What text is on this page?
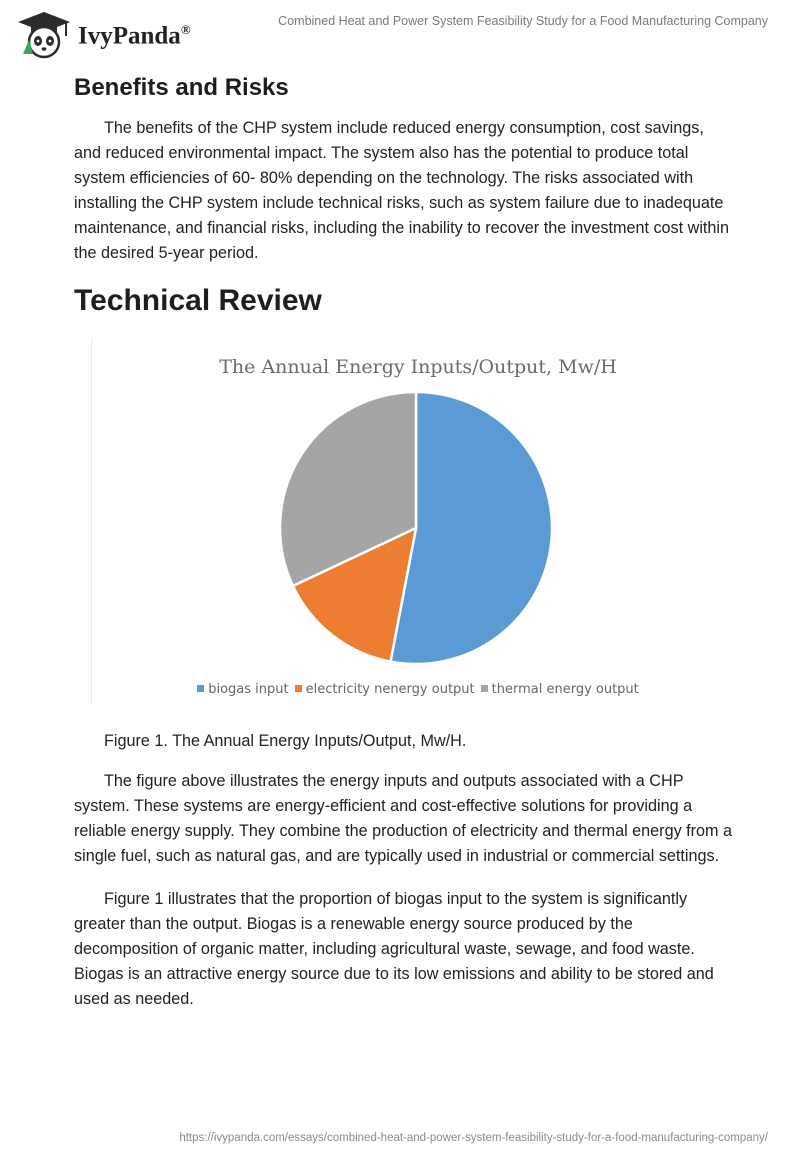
IvyPanda®
Combined Heat and Power System Feasibility Study for a Food Manufacturing Company
Benefits and Risks

The benefits of the CHP system include reduced energy consumption, cost savings, and reduced environmental impact. The system also has the potential to produce total system efficiencies of 60- 80% depending on the technology. The risks associated with installing the CHP system include technical risks, such as system failure due to inadequate maintenance, and financial risks, including the inability to recover the investment cost within the desired 5-year period.

Technical Review
The Annual Energy Inputs/Output, Mw/H
biogas input electricity nenergy output thermal energy output
Figure 1. The Annual Energy Inputs/Output, Mw/H.

The figure above illustrates the energy inputs and outputs associated with a CHP system. These systems are energy-efficient and cost-effective solutions for providing a reliable energy supply. They combine the production of electricity and thermal energy from a single fuel, such as natural gas, and are typically used in industrial or commercial settings.

Figure 1 illustrates that the proportion of biogas input to the system is significantly greater than the output. Biogas is a renewable energy source produced by the decomposition of organic matter, including agricultural waste, sewage, and food waste. Biogas is an attractive energy source due to its low emissions and ability to be stored and used as needed.

https://ivypanda.com/essays/combined-heat-and-power-system-feasibility-study-for-a-food-manufacturing-company/
